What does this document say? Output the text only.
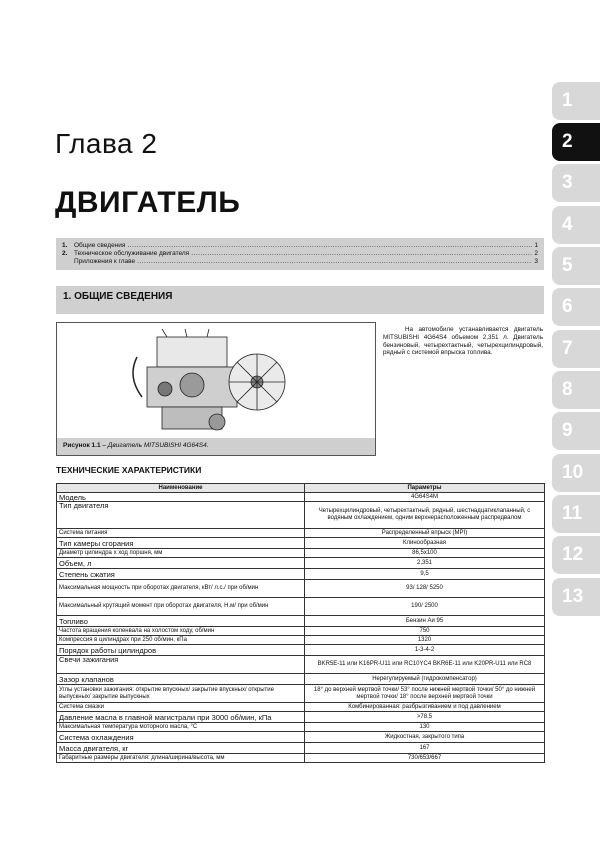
Глава 2
ДВИГАТЕЛЬ
1.	Общие сведения .....	1
2.	Техническое обслуживание двигателя .....	2
Приложения к главе .....	3
1. ОБЩИЕ СВЕДЕНИЯ
Рисунок 1.1 – Двигатель MITSUBISHI 4G64S4.

На автомобиле устанавливается двигатель MITSUBISHI 4G64S4 объемом 2,351 л. Двигатель бензиновый, четырехтактный, четырехцилиндровый, рядный с системой впрыска топлива.

ТЕХНИЧЕСКИЕ ХАРАКТЕРИСТИКИ
Наименование	Параметры
Модель	4G64S4M
Тип двигателя	Четырехцилиндровый, четырехтактный, рядный, шестнадцатиклапанный, с водяным охлаждением, одним верхнерасположенным распредвалом
Система питания	Распределенный впрыск (MPI)
Тип камеры сгорания	Клинообразная
Диаметр цилиндра х ход поршня, мм	86,5х100
Объем, л	2,351
Степень сжатия	9,5
Максимальная мощность при оборотах двигателя, кВт/ л.с./ при об/мин	93/ 128/ 5250
Максимальный крутящий момент при оборотах двигателя, Н.м/ при об/мин	190/ 2500
Топливо	Бензин Аи 95
Частота вращения коленвала на холостом ходу, об/мин	750
Компрессия в цилиндрах при 250 об/мин, кПа	1320
Порядок работы цилиндров	1-3-4-2
Свечи зажигания	BKR5E-11 или K16PR-U11 или RC10YC4 BKR6E-11 или K20PR-U11 или RC8
Зазор клапанов	Нерегулируемый (гидрокомпенсатор)
Углы установки зажигания: открытие впускных/ закрытие впускных/ открытие выпускных/ закрытие выпускных	18° до верхней мертвой точки/ 53° после нижней мертвой точки/ 50° до нижней мертвой точки/ 18° после верхней мертвой точки
Система смазки	Комбинированная: разбрызгиванием и под давлением
Давление масла в главной магистрали при 3000 об/мин, кПа	>78.5
Максимальная температура моторного масла, °С	130
Система охлаждения	Жидкостная, закрытого типа
Масса двигателя, кг	167
Габаритные размеры двигателя: длина/ширина/высота, мм	730/653/667
1
2
3
4
5
6
7
8
9
10
11
12
13
